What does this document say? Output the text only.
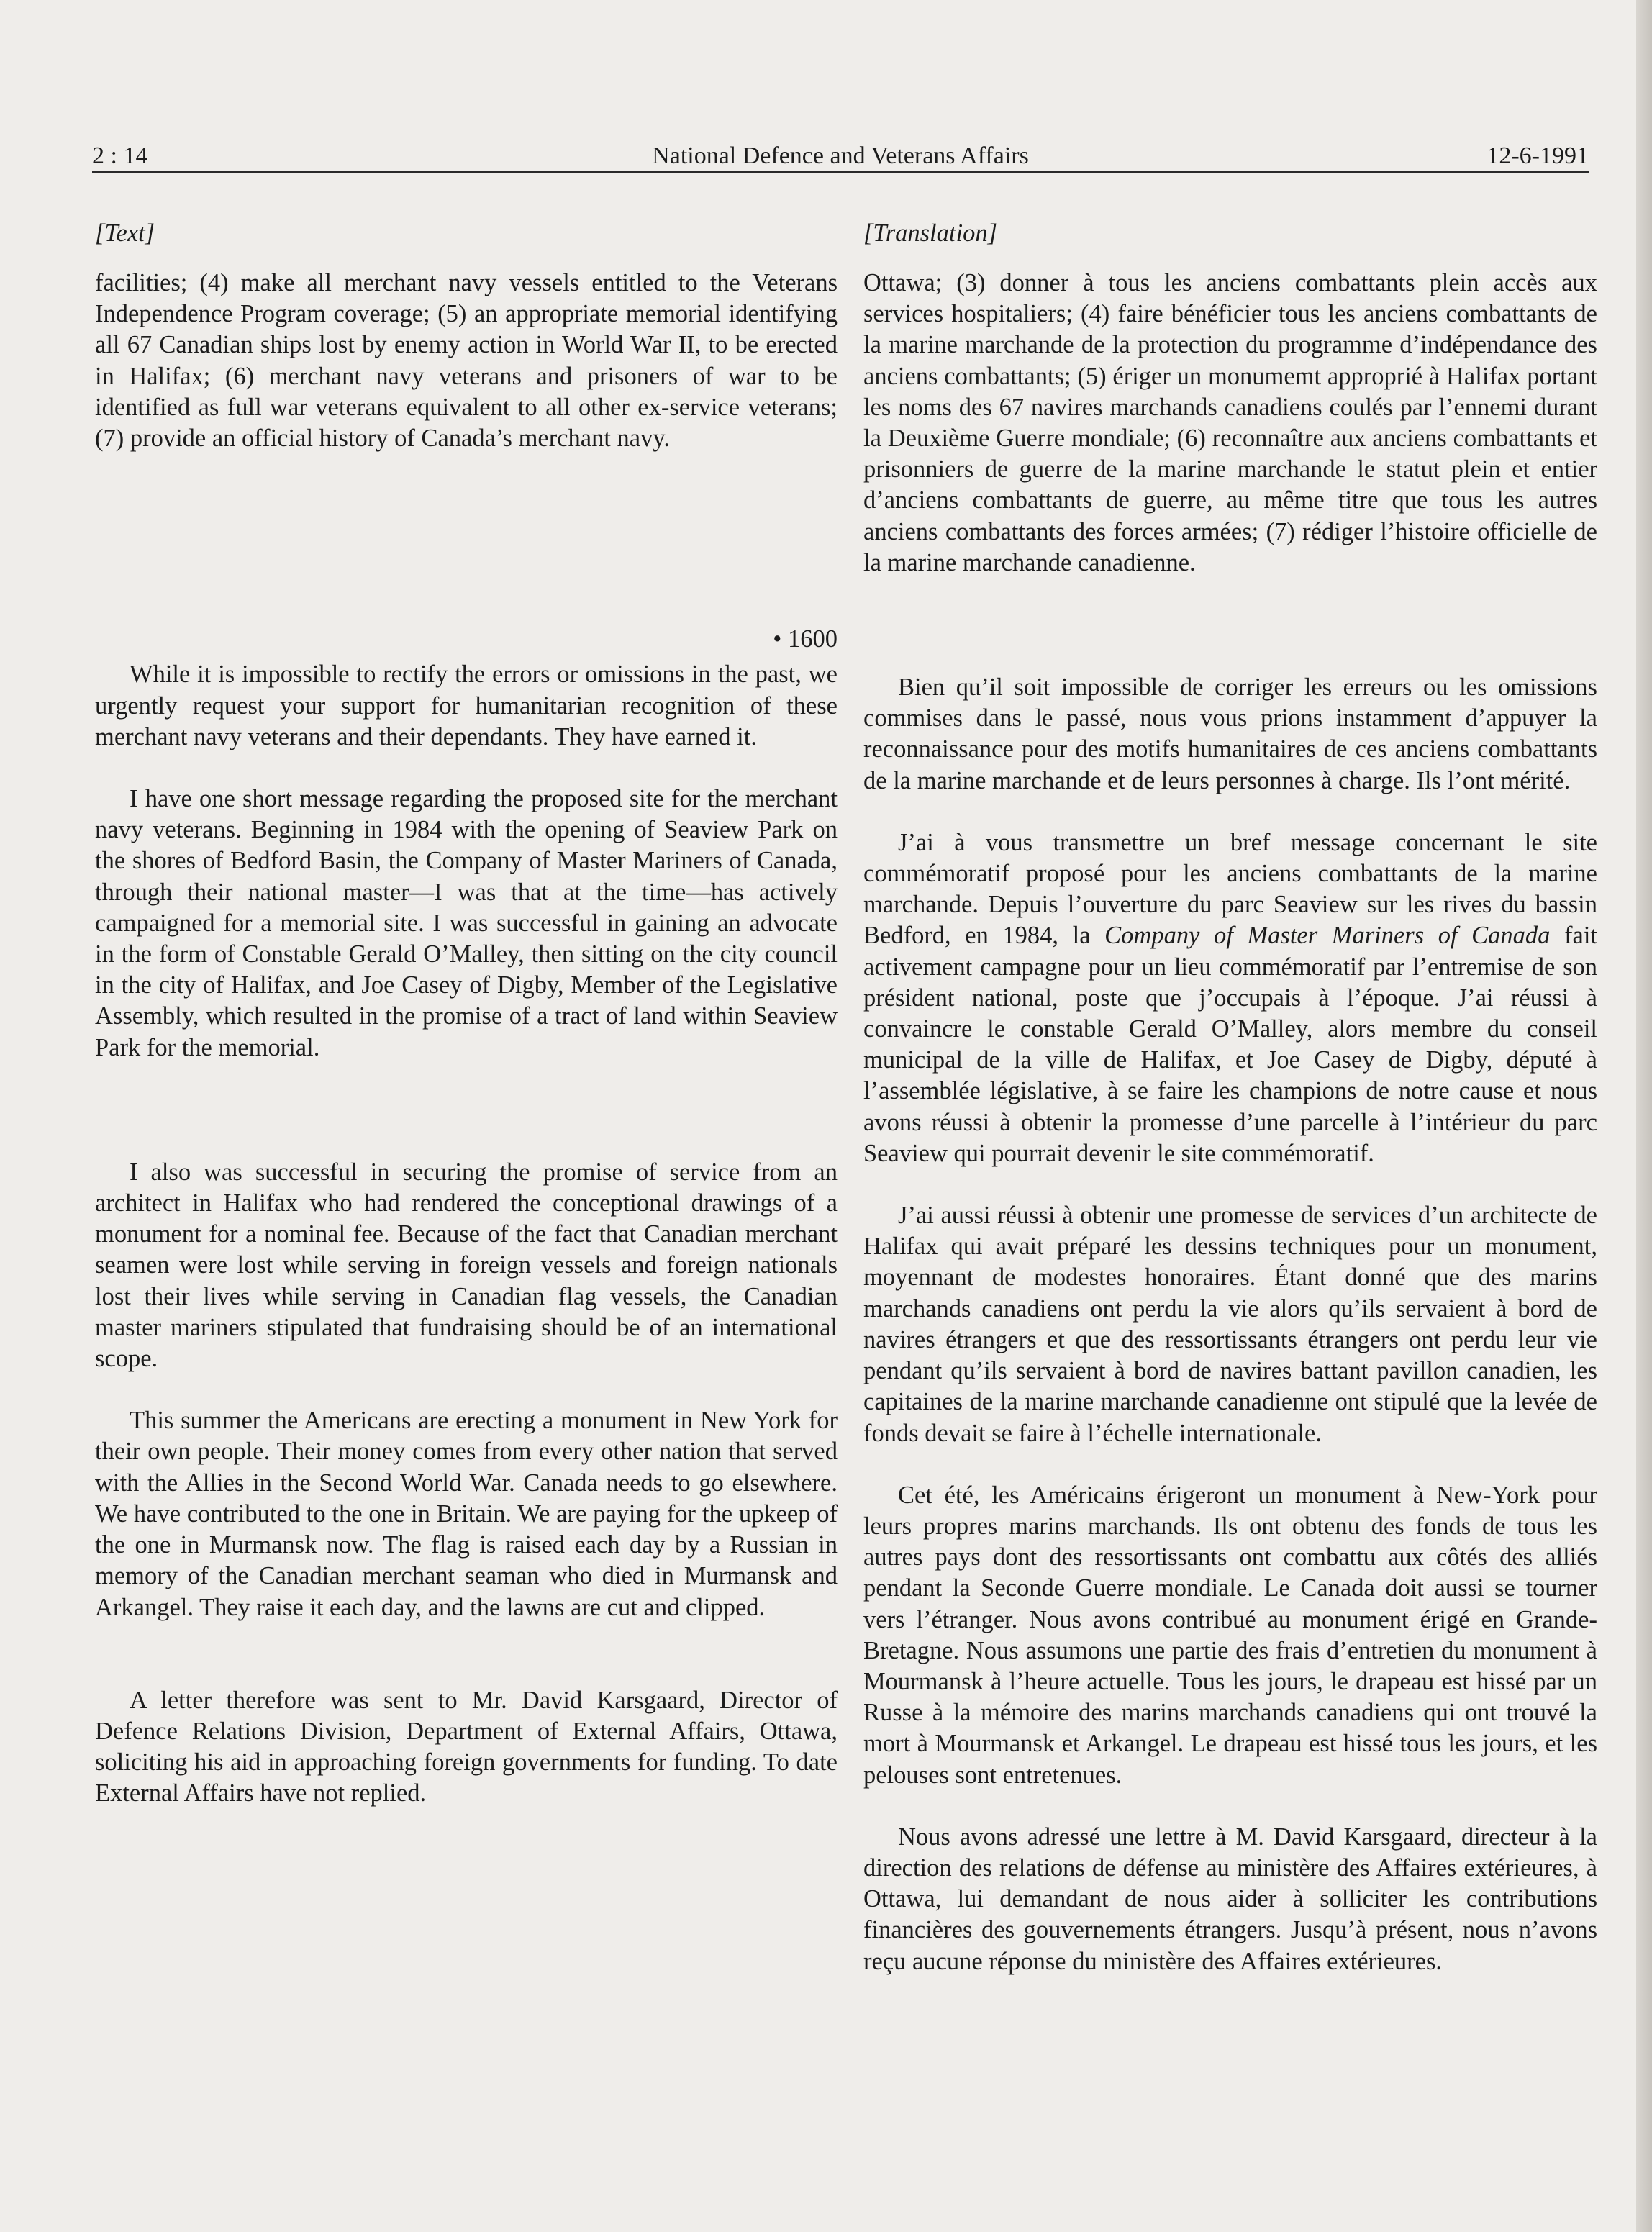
2 : 14	National Defence and Veterans Affairs	12-6-1991

[Text]

facilities; (4) make all merchant navy vessels entitled to the Veterans Independence Program coverage; (5) an appropriate memorial identifying all 67 Canadian ships lost by enemy action in World War II, to be erected in Halifax; (6) merchant navy veterans and prisoners of war to be identified as full war veterans equivalent to all other ex-service veterans; (7) provide an official history of Canada’s merchant navy.

• 1600

While it is impossible to rectify the errors or omissions in the past, we urgently request your support for humanitarian recognition of these merchant navy veterans and their dependants. They have earned it.

I have one short message regarding the proposed site for the merchant navy veterans. Beginning in 1984 with the opening of Seaview Park on the shores of Bedford Basin, the Company of Master Mariners of Canada, through their national master—I was that at the time—has actively campaigned for a memorial site. I was successful in gaining an advocate in the form of Constable Gerald O’Malley, then sitting on the city council in the city of Halifax, and Joe Casey of Digby, Member of the Legislative Assembly, which resulted in the promise of a tract of land within Seaview Park for the memorial.

I also was successful in securing the promise of service from an architect in Halifax who had rendered the conceptional drawings of a monument for a nominal fee. Because of the fact that Canadian merchant seamen were lost while serving in foreign vessels and foreign nationals lost their lives while serving in Canadian flag vessels, the Canadian master mariners stipulated that fundraising should be of an international scope.

This summer the Americans are erecting a monument in New York for their own people. Their money comes from every other nation that served with the Allies in the Second World War. Canada needs to go elsewhere. We have contributed to the one in Britain. We are paying for the upkeep of the one in Murmansk now. The flag is raised each day by a Russian in memory of the Canadian merchant seaman who died in Murmansk and Arkangel. They raise it each day, and the lawns are cut and clipped.

A letter therefore was sent to Mr. David Karsgaard, Director of Defence Relations Division, Department of External Affairs, Ottawa, soliciting his aid in approaching foreign governments for funding. To date External Affairs have not replied.

[Translation]

Ottawa; (3) donner à tous les anciens combattants plein accès aux services hospitaliers; (4) faire bénéficier tous les anciens combattants de la marine marchande de la protection du programme d’indépendance des anciens combattants; (5) ériger un monumemt approprié à Halifax portant les noms des 67 navires marchands canadiens coulés par l’ennemi durant la Deuxième Guerre mondiale; (6) reconnaître aux anciens combattants et prisonniers de guerre de la marine marchande le statut plein et entier d’anciens combattants de guerre, au même titre que tous les autres anciens combattants des forces armées; (7) rédiger l’histoire officielle de la marine marchande canadienne.

Bien qu’il soit impossible de corriger les erreurs ou les omissions commises dans le passé, nous vous prions instamment d’appuyer la reconnaissance pour des motifs humanitaires de ces anciens combattants de la marine marchande et de leurs personnes à charge. Ils l’ont mérité.

J’ai à vous transmettre un bref message concernant le site commémoratif proposé pour les anciens combattants de la marine marchande. Depuis l’ouverture du parc Seaview sur les rives du bassin Bedford, en 1984, la Company of Master Mariners of Canada fait activement campagne pour un lieu commémoratif par l’entremise de son président national, poste que j’occupais à l’époque. J’ai réussi à convaincre le constable Gerald O’Malley, alors membre du conseil municipal de la ville de Halifax, et Joe Casey de Digby, député à l’assemblée législative, à se faire les champions de notre cause et nous avons réussi à obtenir la promesse d’une parcelle à l’intérieur du parc Seaview qui pourrait devenir le site commémoratif.

J’ai aussi réussi à obtenir une promesse de services d’un architecte de Halifax qui avait préparé les dessins techniques pour un monument, moyennant de modestes honoraires. Étant donné que des marins marchands canadiens ont perdu la vie alors qu’ils servaient à bord de navires étrangers et que des ressortissants étrangers ont perdu leur vie pendant qu’ils servaient à bord de navires battant pavillon canadien, les capitaines de la marine marchande canadienne ont stipulé que la levée de fonds devait se faire à l’échelle internationale.

Cet été, les Américains érigeront un monument à New-York pour leurs propres marins marchands. Ils ont obtenu des fonds de tous les autres pays dont des ressortissants ont combattu aux côtés des alliés pendant la Seconde Guerre mondiale. Le Canada doit aussi se tourner vers l’étranger. Nous avons contribué au monument érigé en Grande-Bretagne. Nous assumons une partie des frais d’entretien du monument à Mourmansk à l’heure actuelle. Tous les jours, le drapeau est hissé par un Russe à la mémoire des marins marchands canadiens qui ont trouvé la mort à Mourmansk et Arkangel. Le drapeau est hissé tous les jours, et les pelouses sont entretenues.

Nous avons adressé une lettre à M. David Karsgaard, directeur à la direction des relations de défense au ministère des Affaires extérieures, à Ottawa, lui demandant de nous aider à solliciter les contributions financières des gouvernements étrangers. Jusqu’à présent, nous n’avons reçu aucune réponse du ministère des Affaires extérieures.
